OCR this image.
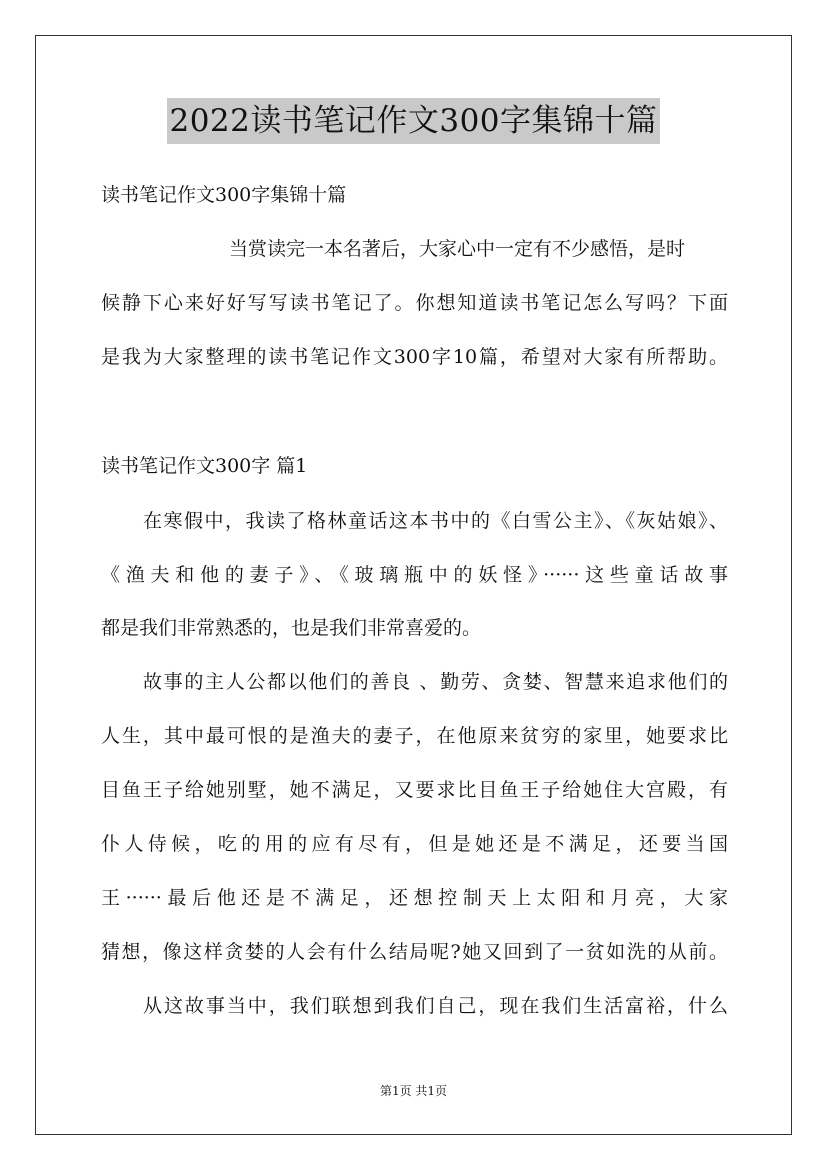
2022读书笔记作文300字集锦十篇
读书笔记作文300字集锦十篇
当赏读完一本名著后，大家心中一定有不少感悟，是时
候静下心来好好写写读书笔记了。你想知道读书笔记怎么写吗？下面
是我为大家整理的读书笔记作文300字10篇，希望对大家有所帮助。
读书笔记作文300字 篇1
在寒假中，我读了格林童话这本书中的《白雪公主》、《灰姑娘》、
《渔夫和他的妻子》、《玻璃瓶中的妖怪》······这些童话故事
都是我们非常熟悉的，也是我们非常喜爱的。
故事的主人公都以他们的善良 、勤劳、贪婪、智慧来追求他们的
人生，其中最可恨的是渔夫的妻子，在他原来贫穷的家里，她要求比
目鱼王子给她别墅，她不满足，又要求比目鱼王子给她住大宫殿，有
仆人侍候，吃的用的应有尽有，但是她还是不满足，还要当国
王······最后他还是不满足，还想控制天上太阳和月亮，大家
猜想，像这样贪婪的人会有什么结局呢?她又回到了一贫如洗的从前。
从这故事当中，我们联想到我们自己，现在我们生活富裕，什么
第1页 共1页
